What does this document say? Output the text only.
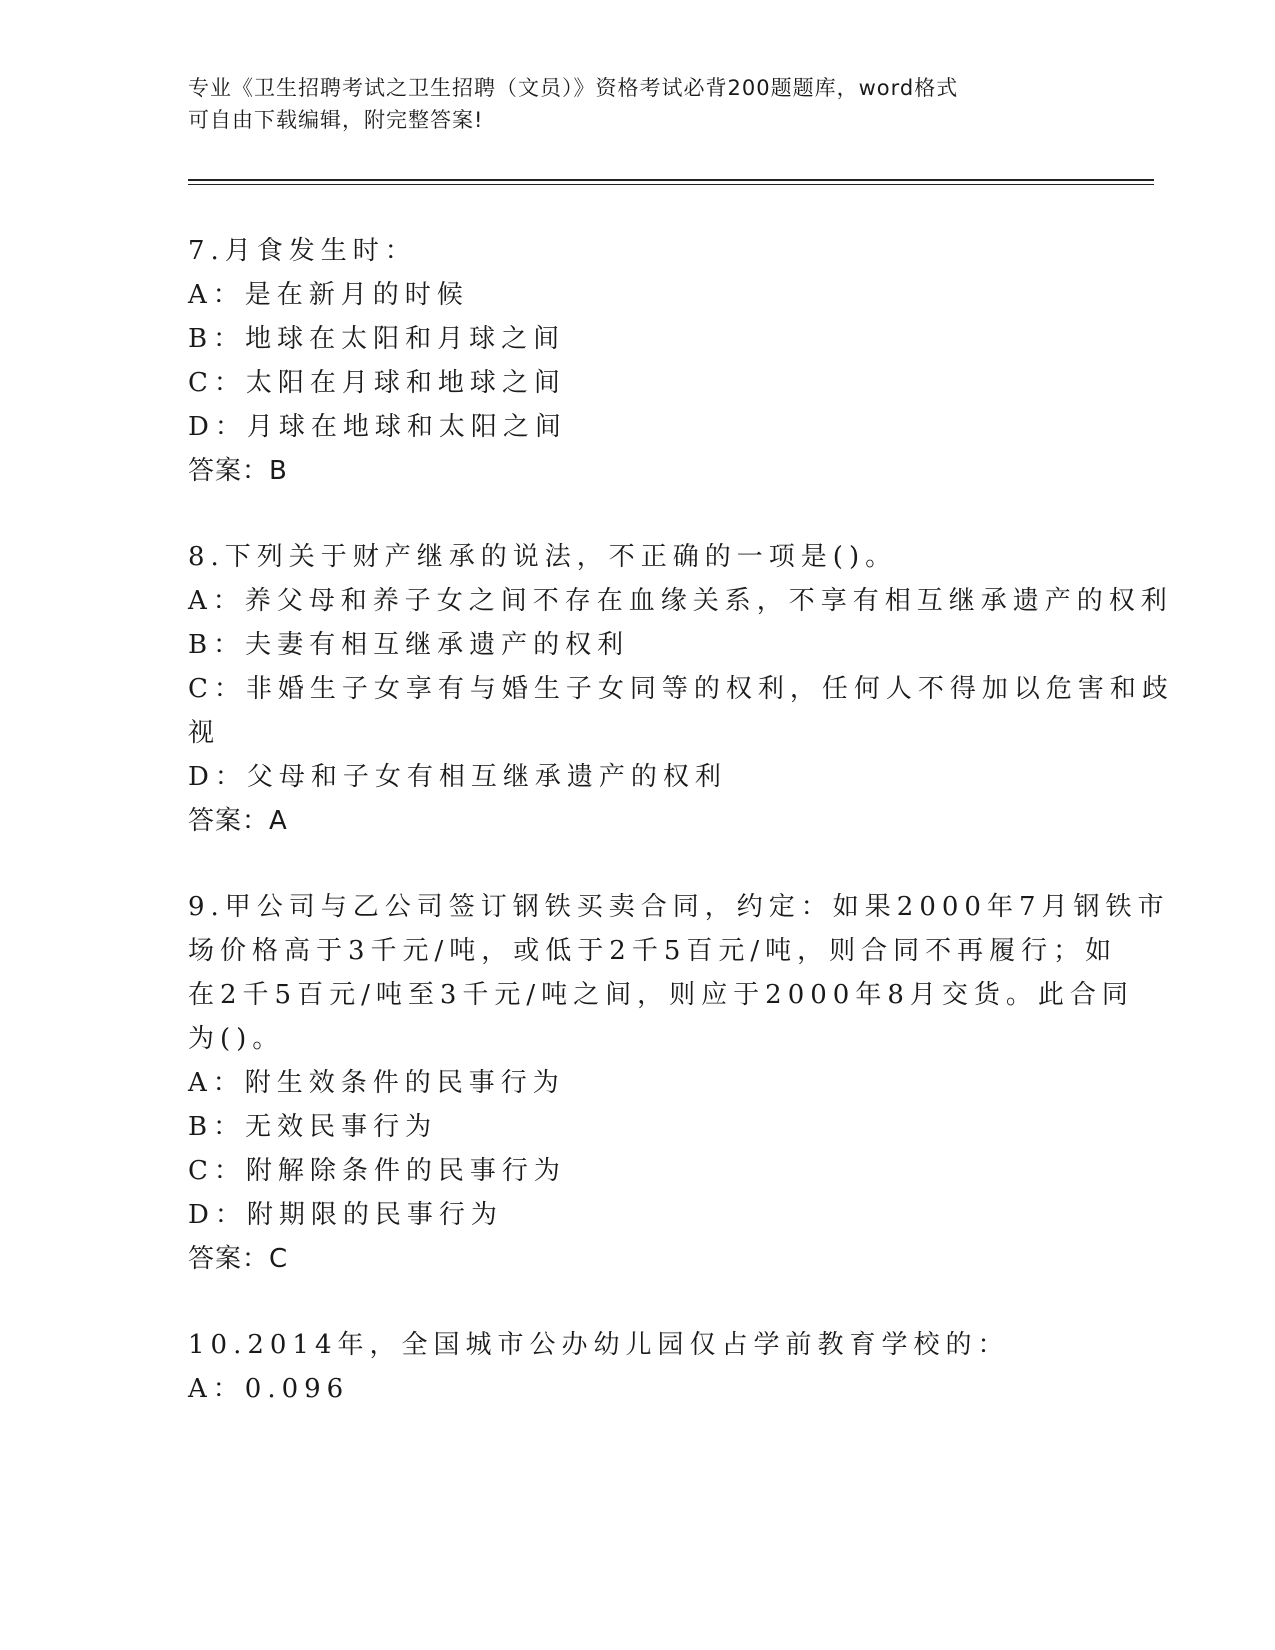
专业《卫生招聘考试之卫生招聘（文员）》资格考试必背200题题库，word格式
可自由下载编辑，附完整答案!
7.月食发生时：
A：是在新月的时候
B：地球在太阳和月球之间
C：太阳在月球和地球之间
D：月球在地球和太阳之间
答案：B
8.下列关于财产继承的说法，不正确的一项是()。
A：养父母和养子女之间不存在血缘关系，不享有相互继承遗产的权利
B：夫妻有相互继承遗产的权利
C：非婚生子女享有与婚生子女同等的权利，任何人不得加以危害和歧
视
D：父母和子女有相互继承遗产的权利
答案：A
9.甲公司与乙公司签订钢铁买卖合同，约定：如果2000年7月钢铁市
场价格高于3千元/吨，或低于2千5百元/吨，则合同不再履行；如
在2千5百元/吨至3千元/吨之间，则应于2000年8月交货。此合同
为()。
A：附生效条件的民事行为
B：无效民事行为
C：附解除条件的民事行为
D：附期限的民事行为
答案：C
10.2014年，全国城市公办幼儿园仅占学前教育学校的：
A：0.096
